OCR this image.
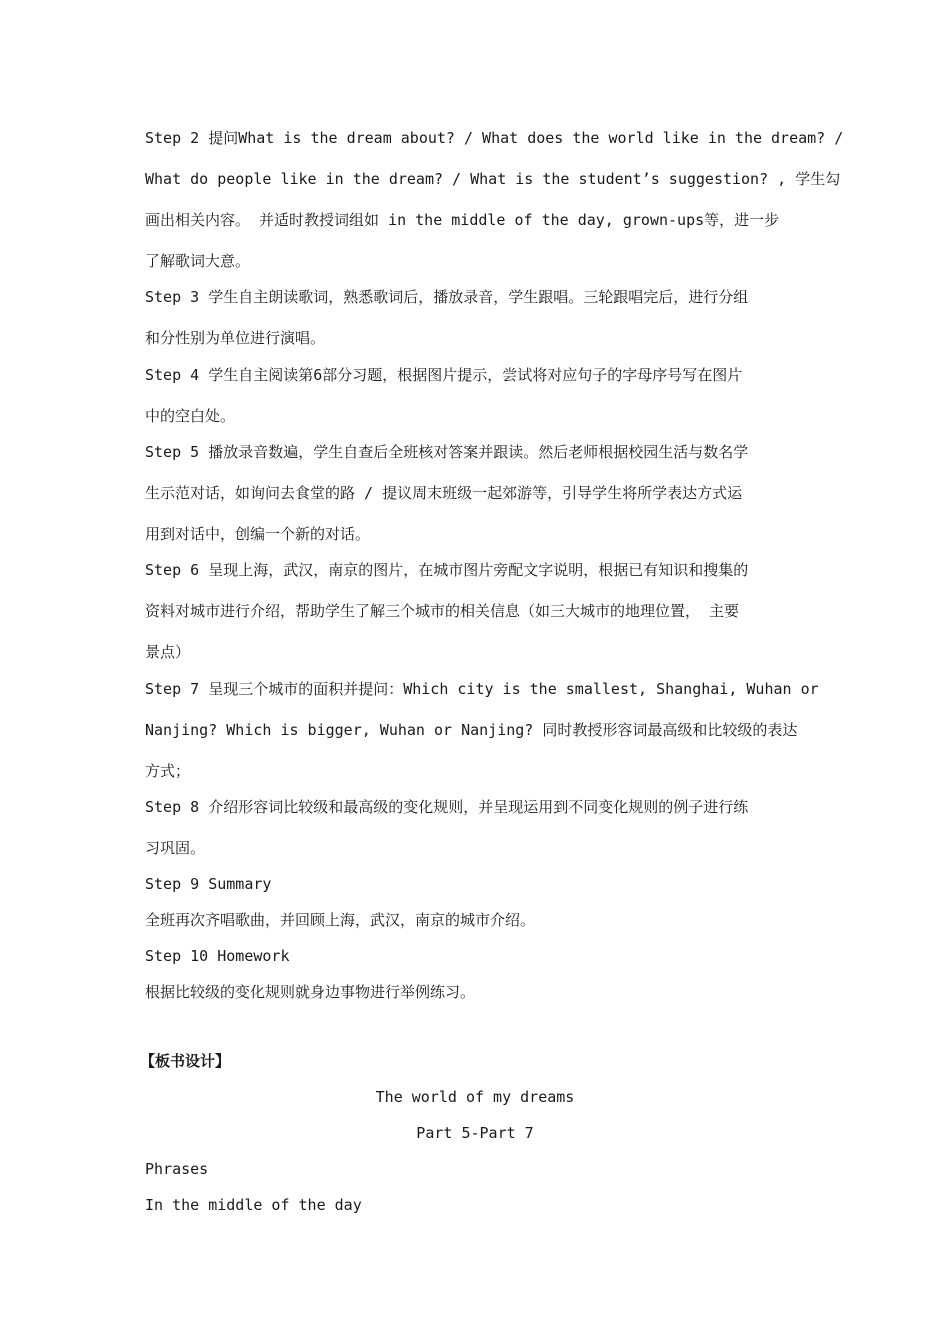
Step 2 提问What is the dream about? / What does the world like in the dream? /
What do people like in the dream? / What is the student’s suggestion? , 学生勾
画出相关内容。 并适时教授词组如 in the middle of the day, grown-ups等，进一步
了解歌词大意。
Step 3 学生自主朗读歌词，熟悉歌词后，播放录音，学生跟唱。三轮跟唱完后，进行分组
和分性别为单位进行演唱。
Step 4 学生自主阅读第6部分习题，根据图片提示，尝试将对应句子的字母序号写在图片
中的空白处。
Step 5 播放录音数遍，学生自查后全班核对答案并跟读。然后老师根据校园生活与数名学
生示范对话，如询问去食堂的路 / 提议周末班级一起郊游等，引导学生将所学表达方式运
用到对话中，创编一个新的对话。
Step 6 呈现上海，武汉，南京的图片，在城市图片旁配文字说明，根据已有知识和搜集的
资料对城市进行介绍，帮助学生了解三个城市的相关信息（如三大城市的地理位置， 主要
景点）
Step 7 呈现三个城市的面积并提问：Which city is the smallest, Shanghai, Wuhan or
Nanjing? Which is bigger, Wuhan or Nanjing? 同时教授形容词最高级和比较级的表达
方式；
Step 8 介绍形容词比较级和最高级的变化规则，并呈现运用到不同变化规则的例子进行练
习巩固。
Step 9 Summary
全班再次齐唱歌曲，并回顾上海，武汉，南京的城市介绍。
Step 10 Homework
根据比较级的变化规则就身边事物进行举例练习。
【板书设计】
The world of my dreams
Part 5-Part 7
Phrases
In the middle of the day
